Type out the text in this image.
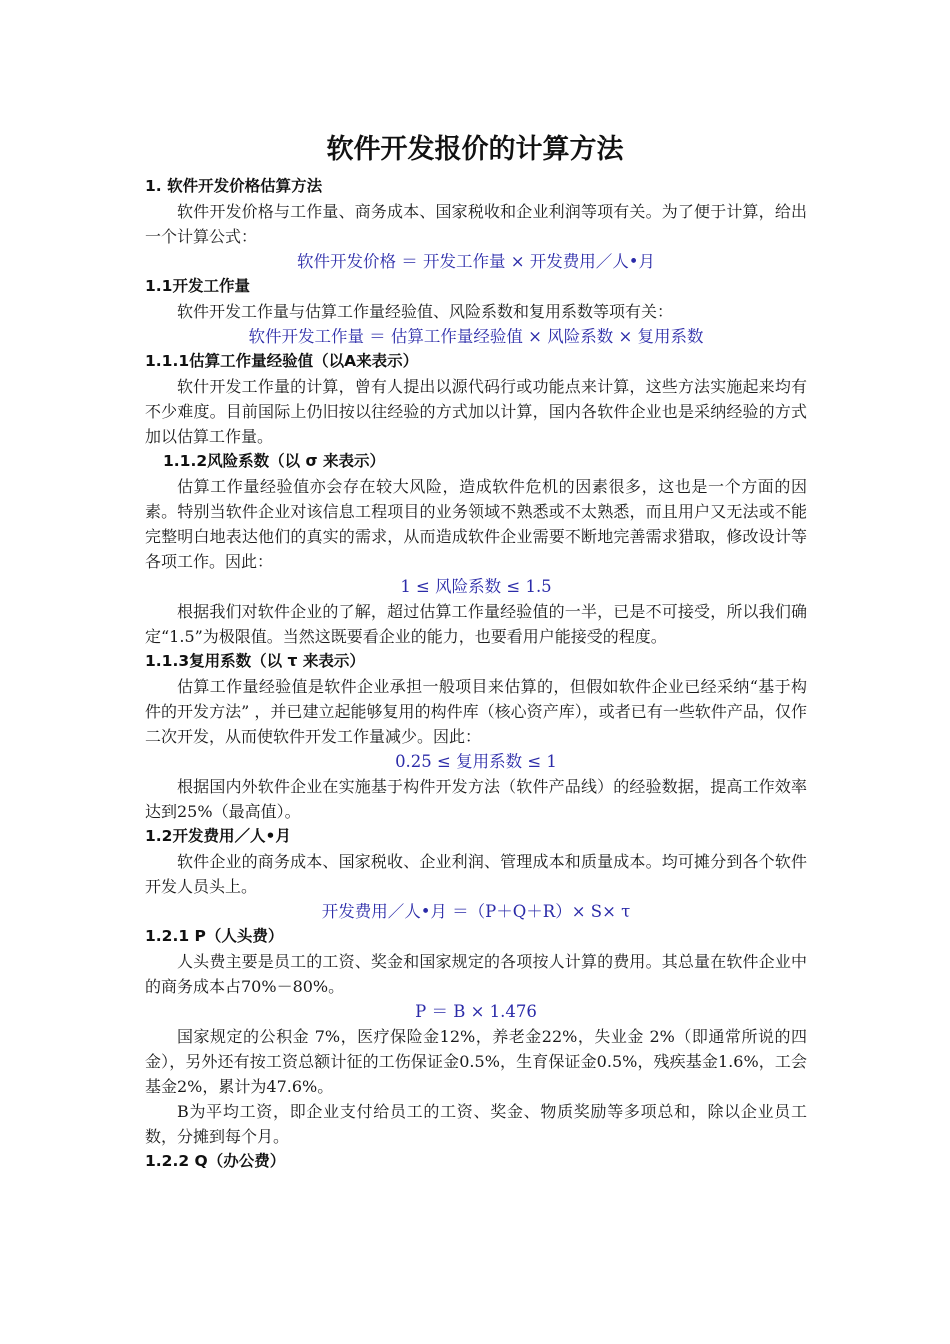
软件开发报价的计算方法

1. 软件开发价格估算方法

软件开发价格与工作量、商务成本、国家税收和企业利润等项有关。为了便于计算，给出一个计算公式：

软件开发价格 ＝ 开发工作量 × 开发费用／人•月

1.1开发工作量

软件开发工作量与估算工作量经验值、风险系数和复用系数等项有关：

软件开发工作量 ＝ 估算工作量经验值 × 风险系数 × 复用系数

1.1.1估算工作量经验值（以A来表示）

软什开发工作量的计算，曾有人提出以源代码行或功能点来计算，这些方法实施起来均有不少难度。目前国际上仍旧按以往经验的方式加以计算，国内各软件企业也是采纳经验的方式加以估算工作量。

1.1.2风险系数（以 σ 来表示）

估算工作量经验值亦会存在较大风险，造成软件危机的因素很多，这也是一个方面的因素。特别当软件企业对该信息工程项目的业务领域不熟悉或不太熟悉，而且用户又无法或不能完整明白地表达他们的真实的需求，从而造成软件企业需要不断地完善需求猎取，修改设计等各项工作。因此：

1 ≤ 风险系数 ≤ 1.5

根据我们对软件企业的了解，超过估算工作量经验值的一半，已是不可接受，所以我们确定“1.5”为极限值。当然这既要看企业的能力，也要看用户能接受的程度。

1.1.3复用系数（以 τ 来表示）

估算工作量经验值是软件企业承担一般项目来估算的，但假如软件企业已经采纳“基于构件的开发方法” ，并已建立起能够复用的构件库（核心资产库），或者已有一些软件产品，仅作二次开发，从而使软件开发工作量减少。因此：

0.25 ≤ 复用系数 ≤ 1

根据国内外软件企业在实施基于构件开发方法（软件产品线）的经验数据，提高工作效率达到25%（最高值）。

1.2开发费用／人•月

软件企业的商务成本、国家税收、企业利润、管理成本和质量成本。均可摊分到各个软件开发人员头上。

开发费用／人•月 ＝（P＋Q＋R）× S× τ

1.2.1 P（人头费）

人头费主要是员工的工资、奖金和国家规定的各项按人计算的费用。其总量在软件企业中的商务成本占70%－80%。

P ＝ B × 1.476

国家规定的公积金 7%，医疗保险金12%，养老金22%，失业金 2%（即通常所说的四金），另外还有按工资总额计征的工伤保证金0.5%，生育保证金0.5%，残疾基金1.6%，工会基金2%，累计为47.6%。

B为平均工资，即企业支付给员工的工资、奖金、物质奖励等多项总和，除以企业员工数，分摊到每个月。

1.2.2 Q（办公费）
